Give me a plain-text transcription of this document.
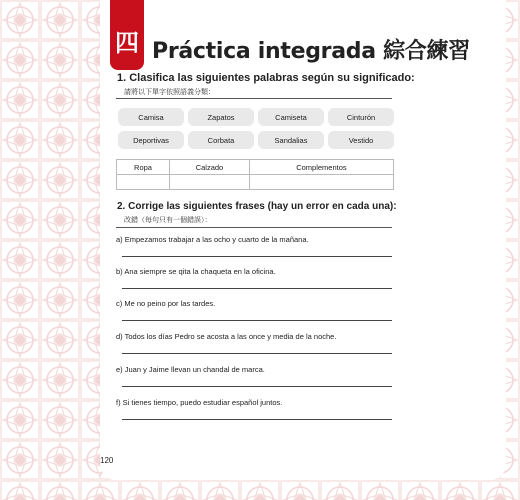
四 Práctica integrada 綜合練習
1. Clasifica las siguientes palabras según su significado:
請將以下單字依照語義分類：
Camisa	Zapatos	Camiseta	Cinturón
Deportivas	Corbata	Sandalias	Vestido
Ropa	Calzado	Complementos

2. Corrige las siguientes frases (hay un error en cada una):
改錯（每句只有一個錯誤）：
a) Empezamos trabajar a las ocho y cuarto de la mañana.
b) Ana siempre se qita la chaqueta en la oficina.
c) Me no peino por las tardes.
d) Todos los días Pedro se acosta a las once y media de la noche.
e) Juan y Jaime llevan un chandal de marca.
f) Si tienes tiempo, puedo estudiar español juntos.
120
